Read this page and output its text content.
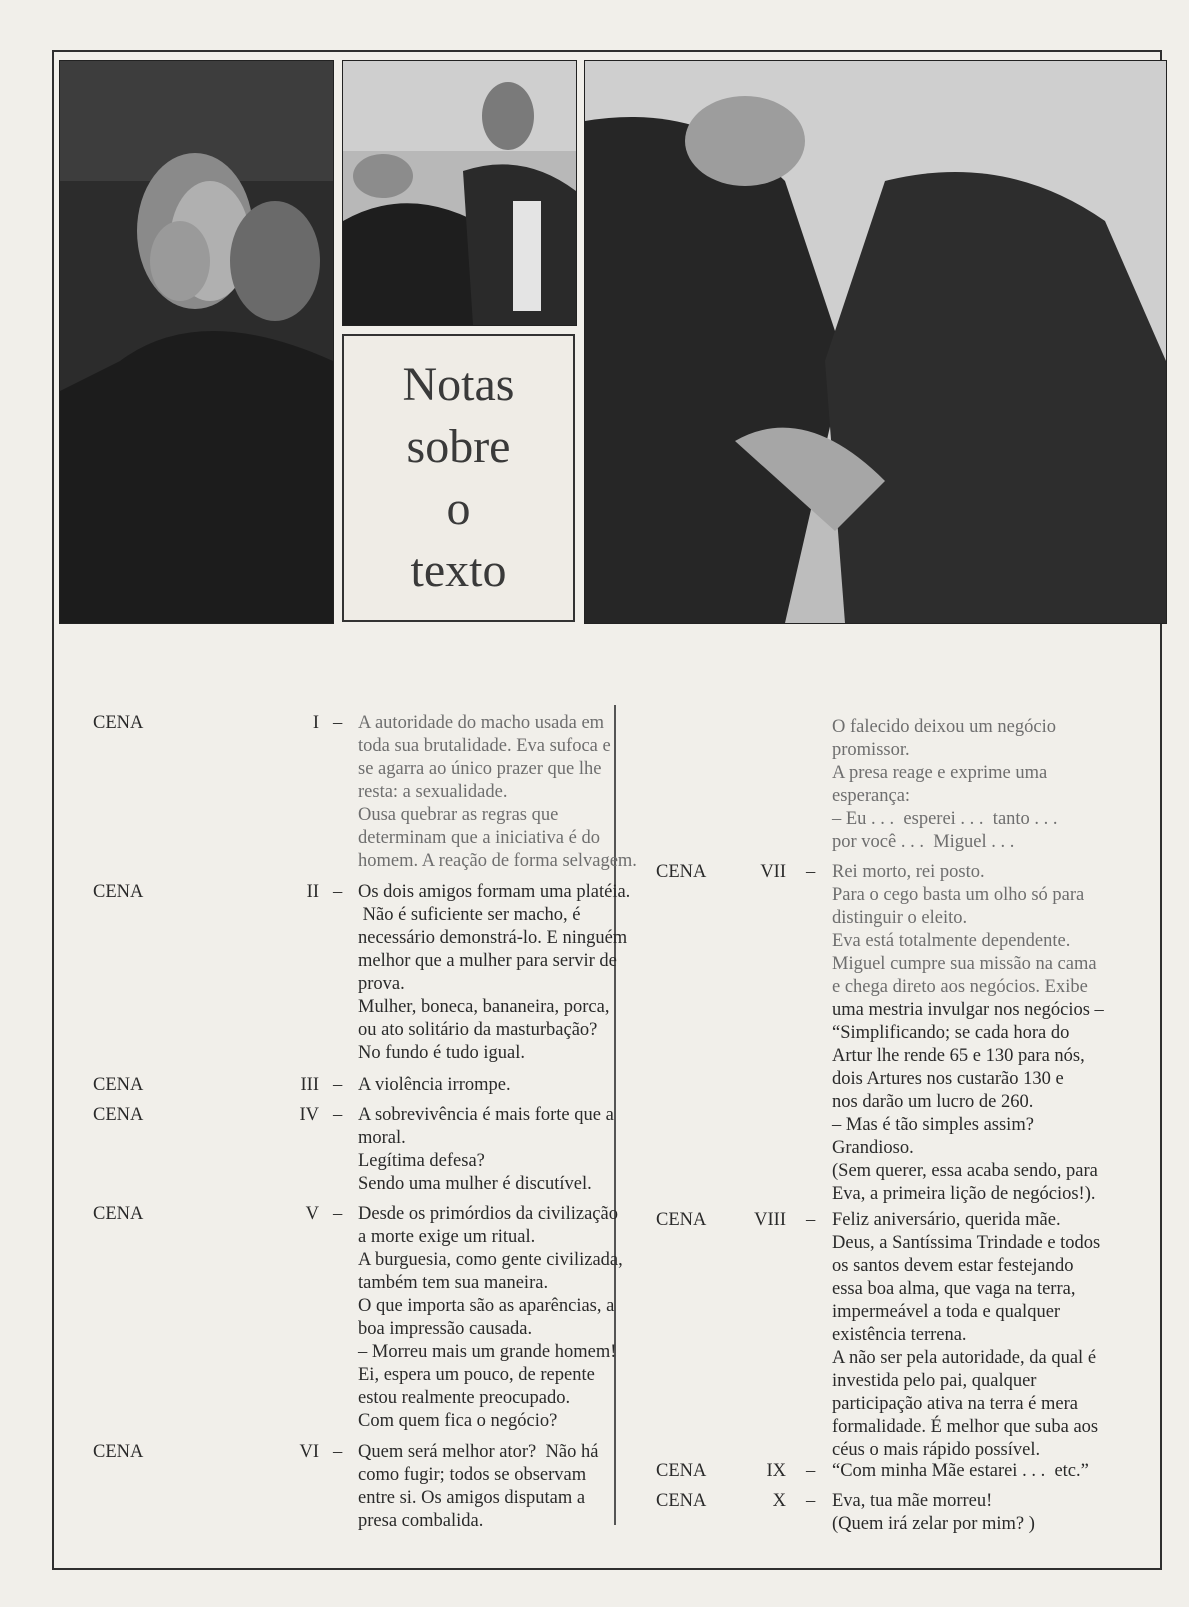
Notas
sobre
o
texto
CENA	I – A autoridade do macho usada em
toda sua brutalidade. Eva sufoca e
se agarra ao único prazer que lhe
resta: a sexualidade.
Ousa quebrar as regras que
determinam que a iniciativa é do
homem. A reação de forma selvagem.
CENA	II – Os dois amigos formam uma platéia.
Não é suficiente ser macho, é
necessário demonstrá-lo. E ninguém
melhor que a mulher para servir de
prova.
Mulher, boneca, bananeira, porca,
ou ato solitário da masturbação?
No fundo é tudo igual.
CENA	III – A violência irrompe.
CENA	IV – A sobrevivência é mais forte que a
moral.
Legítima defesa?
Sendo uma mulher é discutível.
CENA	V – Desde os primórdios da civilização
a morte exige um ritual.
A burguesia, como gente civilizada,
também tem sua maneira.
O que importa são as aparências, a
boa impressão causada.
– Morreu mais um grande homem!
Ei, espera um pouco, de repente
estou realmente preocupado.
Com quem fica o negócio?
CENA	VI – Quem será melhor ator?  Não há
como fugir; todos se observam
entre si. Os amigos disputam a
presa combalida.
O falecido deixou um negócio
promissor.
A presa reage e exprime uma
esperança:
– Eu . . .  esperei . . .  tanto . . .
por você . . .  Miguel . . .
CENA	VII – Rei morto, rei posto.
Para o cego basta um olho só para
distinguir o eleito.
Eva está totalmente dependente.
Miguel cumpre sua missão na cama
e chega direto aos negócios. Exibe
uma mestria invulgar nos negócios –
“Simplificando; se cada hora do
Artur lhe rende 65 e 130 para nós,
dois Artures nos custarão 130 e
nos darão um lucro de 260.
– Mas é tão simples assim?
Grandioso.
(Sem querer, essa acaba sendo, para
Eva, a primeira lição de negócios!).
CENA	VIII – Feliz aniversário, querida mãe.
Deus, a Santíssima Trindade e todos
os santos devem estar festejando
essa boa alma, que vaga na terra,
impermeável a toda e qualquer
existência terrena.
A não ser pela autoridade, da qual é
investida pelo pai, qualquer
participação ativa na terra é mera
formalidade. É melhor que suba aos
céus o mais rápido possível.
CENA	IX – “Com minha Mãe estarei . . .  etc.”
CENA	X – Eva, tua mãe morreu!
(Quem irá zelar por mim? )
